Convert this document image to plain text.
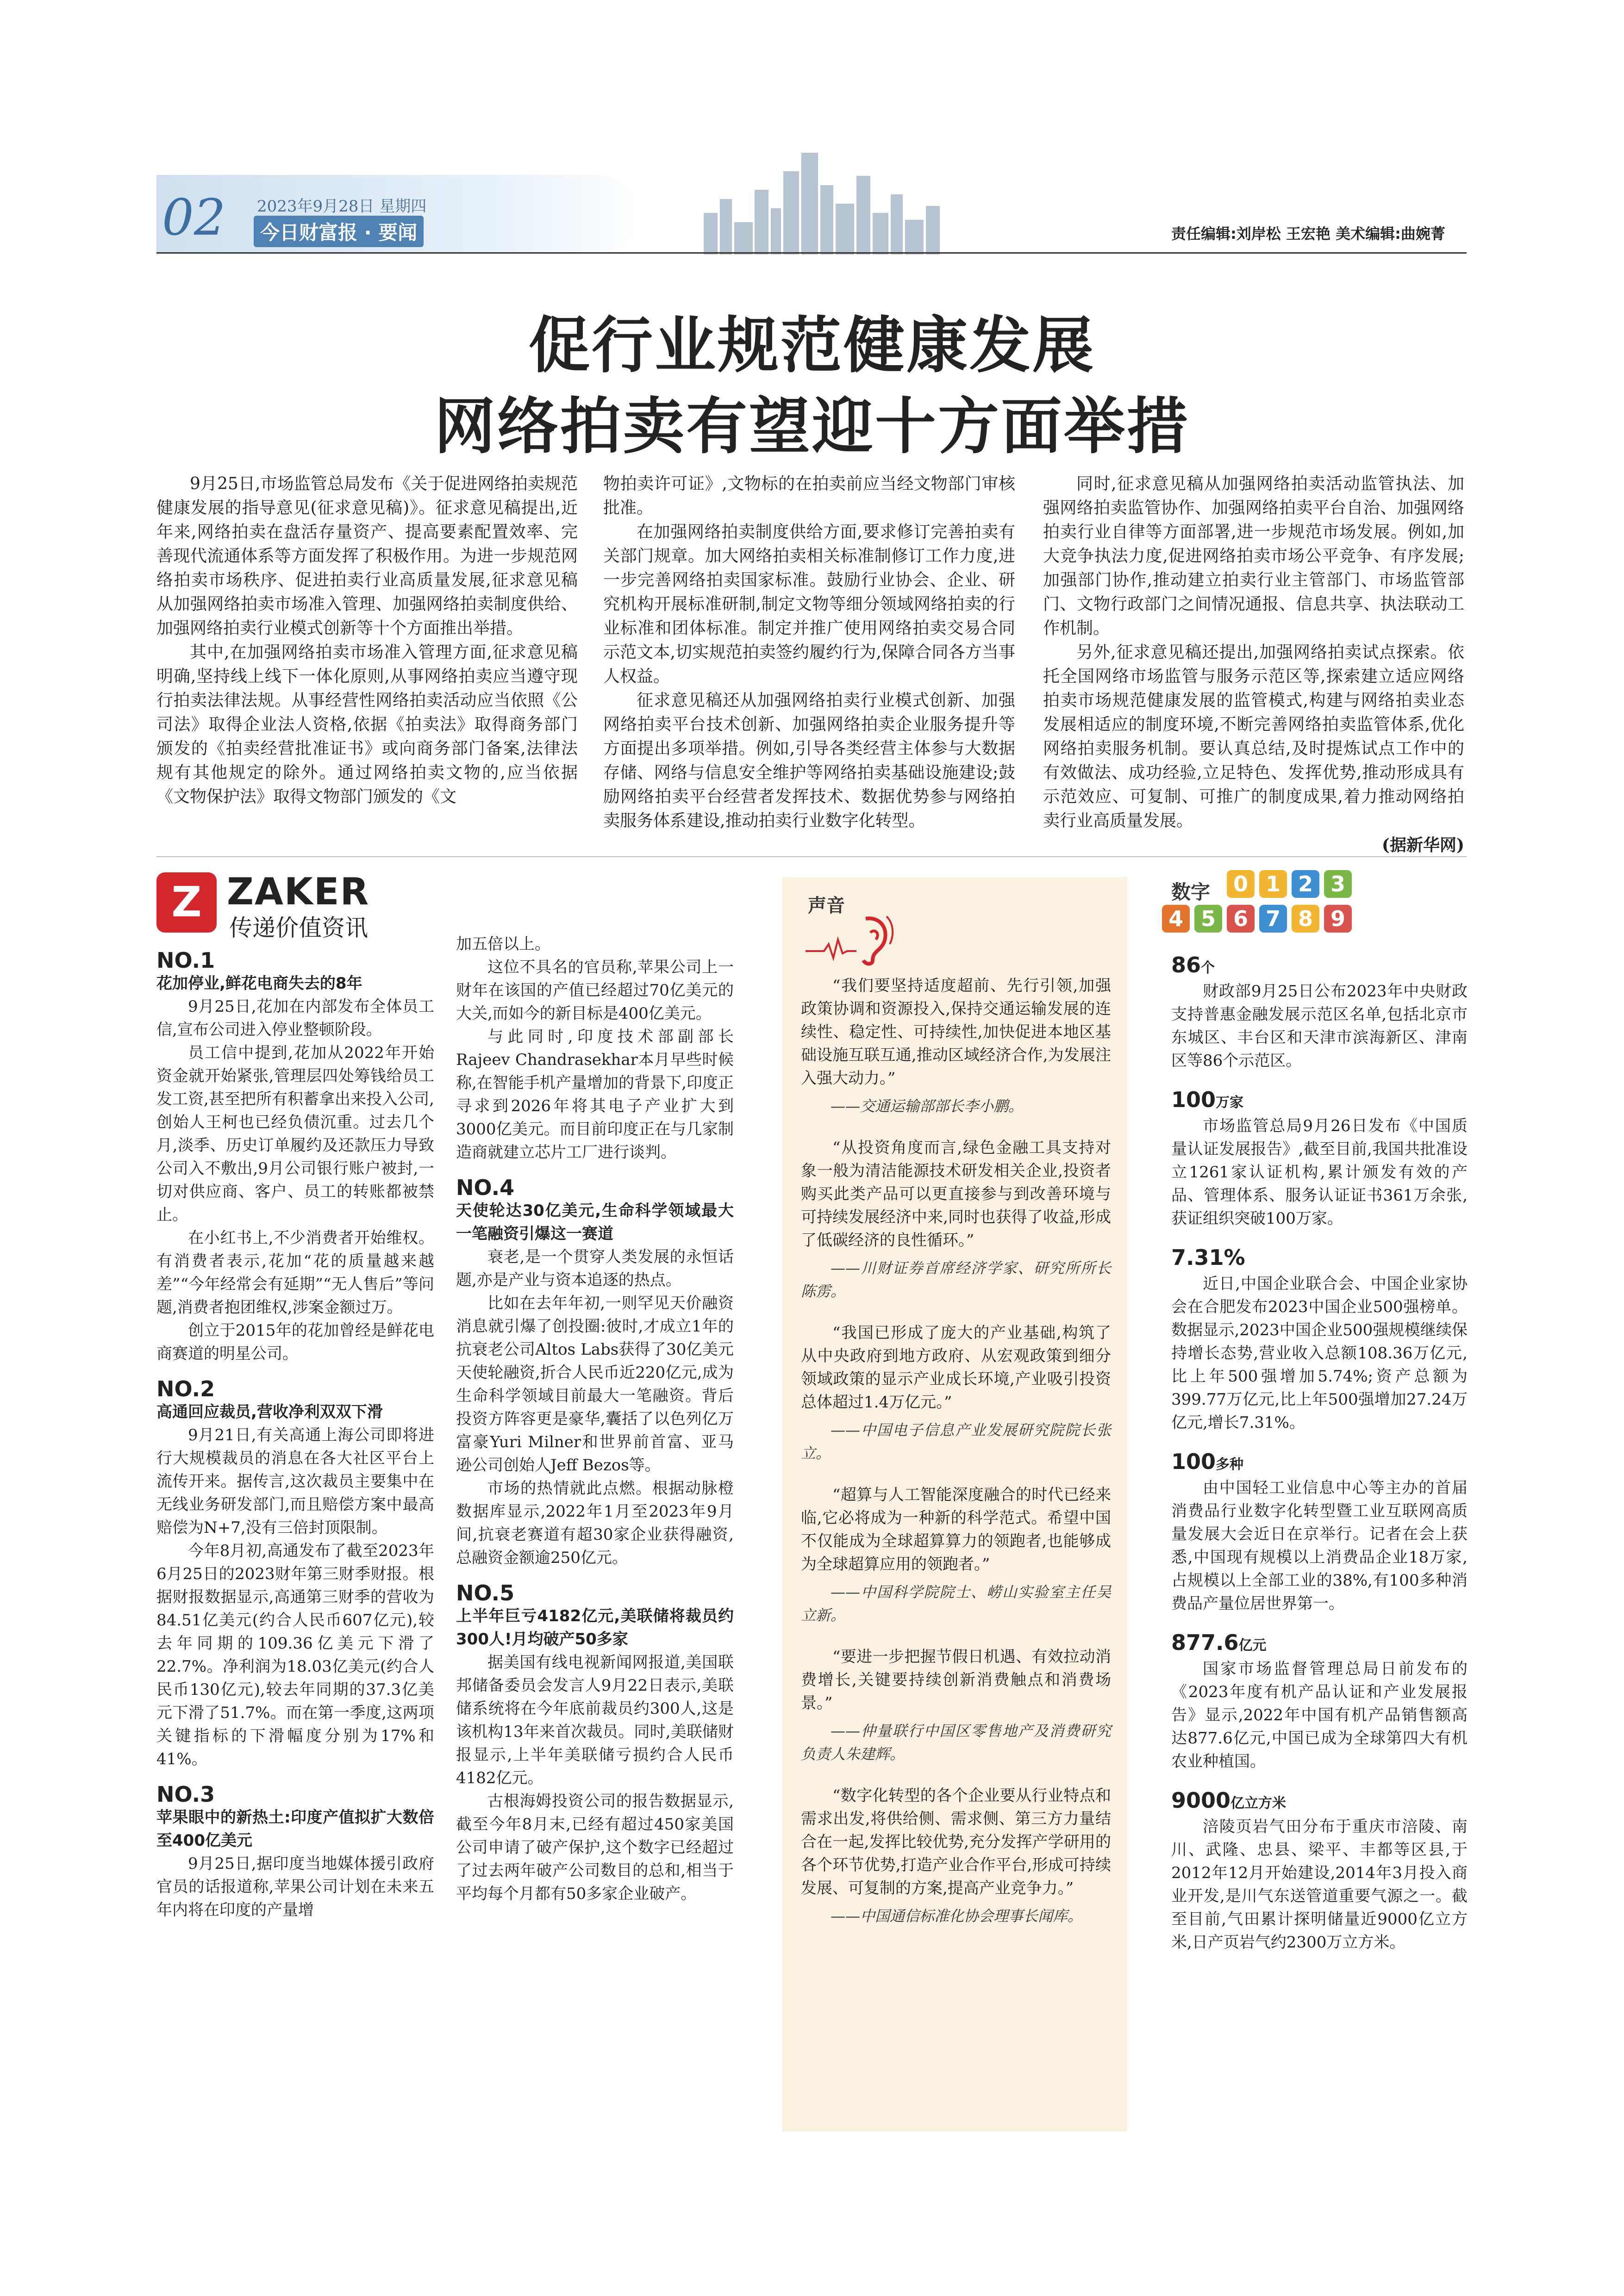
02 2023年9月28日 星期四
今日财富报 · 要闻	责任编辑:刘岸松 王宏艳 美术编辑:曲婉菁
促行业规范健康发展
网络拍卖有望迎十方面举措

9月25日,市场监管总局发布《关于促进网络拍卖规范健康发展的指导意见(征求意见稿)》。征求意见稿提出,近年来,网络拍卖在盘活存量资产、提高要素配置效率、完善现代流通体系等方面发挥了积极作用。为进一步规范网络拍卖市场秩序、促进拍卖行业高质量发展,征求意见稿从加强网络拍卖市场准入管理、加强网络拍卖制度供给、加强网络拍卖行业模式创新等十个方面推出举措。

其中,在加强网络拍卖市场准入管理方面,征求意见稿明确,坚持线上线下一体化原则,从事网络拍卖应当遵守现行拍卖法律法规。从事经营性网络拍卖活动应当依照《公司法》取得企业法人资格,依据《拍卖法》取得商务部门颁发的《拍卖经营批准证书》或向商务部门备案,法律法规有其他规定的除外。通过网络拍卖文物的,应当依据《文物保护法》取得文物部门颁发的《文

物拍卖许可证》,文物标的在拍卖前应当经文物部门审核批准。

在加强网络拍卖制度供给方面,要求修订完善拍卖有关部门规章。加大网络拍卖相关标准制修订工作力度,进一步完善网络拍卖国家标准。鼓励行业协会、企业、研究机构开展标准研制,制定文物等细分领域网络拍卖的行业标准和团体标准。制定并推广使用网络拍卖交易合同示范文本,切实规范拍卖签约履约行为,保障合同各方当事人权益。

征求意见稿还从加强网络拍卖行业模式创新、加强网络拍卖平台技术创新、加强网络拍卖企业服务提升等方面提出多项举措。例如,引导各类经营主体参与大数据存储、网络与信息安全维护等网络拍卖基础设施建设;鼓励网络拍卖平台经营者发挥技术、数据优势参与网络拍卖服务体系建设,推动拍卖行业数字化转型。

同时,征求意见稿从加强网络拍卖活动监管执法、加强网络拍卖监管协作、加强网络拍卖平台自治、加强网络拍卖行业自律等方面部署,进一步规范市场发展。例如,加大竞争执法力度,促进网络拍卖市场公平竞争、有序发展;加强部门协作,推动建立拍卖行业主管部门、市场监管部门、文物行政部门之间情况通报、信息共享、执法联动工作机制。

另外,征求意见稿还提出,加强网络拍卖试点探索。依托全国网络市场监管与服务示范区等,探索建立适应网络拍卖市场规范健康发展的监管模式,构建与网络拍卖业态发展相适应的制度环境,不断完善网络拍卖监管体系,优化网络拍卖服务机制。要认真总结,及时提炼试点工作中的有效做法、成功经验,立足特色、发挥优势,推动形成具有示范效应、可复制、可推广的制度成果,着力推动网络拍卖行业高质量发展。

(据新华网)
Z ZAKER
传递价值资讯
NO.1
花加停业,鲜花电商失去的8年

9月25日,花加在内部发布全体员工信,宣布公司进入停业整顿阶段。

员工信中提到,花加从2022年开始资金就开始紧张,管理层四处筹钱给员工发工资,甚至把所有积蓄拿出来投入公司,创始人王柯也已经负债沉重。过去几个月,淡季、历史订单履约及还款压力导致公司入不敷出,9月公司银行账户被封,一切对供应商、客户、员工的转账都被禁止。

在小红书上,不少消费者开始维权。有消费者表示,花加“花的质量越来越差”“今年经常会有延期”“无人售后”等问题,消费者抱团维权,涉案金额过万。

创立于2015年的花加曾经是鲜花电商赛道的明星公司。

NO.2
高通回应裁员,营收净利双双下滑

9月21日,有关高通上海公司即将进行大规模裁员的消息在各大社区平台上流传开来。据传言,这次裁员主要集中在无线业务研发部门,而且赔偿方案中最高赔偿为N+7,没有三倍封顶限制。

今年8月初,高通发布了截至2023年6月25日的2023财年第三财季财报。根据财报数据显示,高通第三财季的营收为84.51亿美元(约合人民币607亿元),较去年同期的109.36亿美元下滑了22.7%。净利润为18.03亿美元(约合人民币130亿元),较去年同期的37.3亿美元下滑了51.7%。而在第一季度,这两项关键指标的下滑幅度分别为17%和41%。

NO.3
苹果眼中的新热土:印度产值拟扩大数倍至400亿美元

9月25日,据印度当地媒体援引政府官员的话报道称,苹果公司计划在未来五年内将在印度的产量增

加五倍以上。

这位不具名的官员称,苹果公司上一财年在该国的产值已经超过70亿美元的大关,而如今的新目标是400亿美元。

与此同时,印度技术部副部长Rajeev Chandrasekhar本月早些时候称,在智能手机产量增加的背景下,印度正寻求到2026年将其电子产业扩大到3000亿美元。而目前印度正在与几家制造商就建立芯片工厂进行谈判。

NO.4
天使轮达30亿美元,生命科学领域最大一笔融资引爆这一赛道

衰老,是一个贯穿人类发展的永恒话题,亦是产业与资本追逐的热点。

比如在去年年初,一则罕见天价融资消息就引爆了创投圈:彼时,才成立1年的抗衰老公司Altos Labs获得了30亿美元天使轮融资,折合人民币近220亿元,成为生命科学领域目前最大一笔融资。背后投资方阵容更是豪华,囊括了以色列亿万富豪Yuri Milner和世界前首富、亚马逊公司创始人Jeff Bezos等。

市场的热情就此点燃。根据动脉橙数据库显示,2022年1月至2023年9月间,抗衰老赛道有超30家企业获得融资,总融资金额逾250亿元。

NO.5
上半年巨亏4182亿元,美联储将裁员约300人!月均破产50多家

据美国有线电视新闻网报道,美国联邦储备委员会发言人9月22日表示,美联储系统将在今年底前裁员约300人,这是该机构13年来首次裁员。同时,美联储财报显示,上半年美联储亏损约合人民币4182亿元。

古根海姆投资公司的报告数据显示,截至今年8月末,已经有超过450家美国公司申请了破产保护,这个数字已经超过了过去两年破产公司数目的总和,相当于平均每个月都有50多家企业破产。

声音

“我们要坚持适度超前、先行引领,加强政策协调和资源投入,保持交通运输发展的连续性、稳定性、可持续性,加快促进本地区基础设施互联互通,推动区域经济合作,为发展注入强大动力。”

——交通运输部部长李小鹏。

“从投资角度而言,绿色金融工具支持对象一般为清洁能源技术研发相关企业,投资者购买此类产品可以更直接参与到改善环境与可持续发展经济中来,同时也获得了收益,形成了低碳经济的良性循环。”

——川财证券首席经济学家、研究所所长陈雳。

“我国已形成了庞大的产业基础,构筑了从中央政府到地方政府、从宏观政策到细分领域政策的显示产业成长环境,产业吸引投资总体超过1.4万亿元。”

——中国电子信息产业发展研究院院长张立。

“超算与人工智能深度融合的时代已经来临,它必将成为一种新的科学范式。希望中国不仅能成为全球超算算力的领跑者,也能够成为全球超算应用的领跑者。”

——中国科学院院士、崂山实验室主任吴立新。

“要进一步把握节假日机遇、有效拉动消费增长,关键要持续创新消费触点和消费场景。”

——仲量联行中国区零售地产及消费研究负责人朱建辉。

“数字化转型的各个企业要从行业特点和需求出发,将供给侧、需求侧、第三方力量结合在一起,发挥比较优势,充分发挥产学研用的各个环节优势,打造产业合作平台,形成可持续发展、可复制的方案,提高产业竞争力。”

——中国通信标准化协会理事长闻库。

数字	0 1 2 3
4 5 6 7 8 9
86个

财政部9月25日公布2023年中央财政支持普惠金融发展示范区名单,包括北京市东城区、丰台区和天津市滨海新区、津南区等86个示范区。

100万家

市场监管总局9月26日发布《中国质量认证发展报告》,截至目前,我国共批准设立1261家认证机构,累计颁发有效的产品、管理体系、服务认证证书361万余张,获证组织突破100万家。

7.31%

近日,中国企业联合会、中国企业家协会在合肥发布2023中国企业500强榜单。数据显示,2023中国企业500强规模继续保持增长态势,营业收入总额108.36万亿元,比上年500强增加5.74%;资产总额为399.77万亿元,比上年500强增加27.24万亿元,增长7.31%。

100多种

由中国轻工业信息中心等主办的首届消费品行业数字化转型暨工业互联网高质量发展大会近日在京举行。记者在会上获悉,中国现有规模以上消费品企业18万家,占规模以上全部工业的38%,有100多种消费品产量位居世界第一。

877.6亿元

国家市场监督管理总局日前发布的《2023年度有机产品认证和产业发展报告》显示,2022年中国有机产品销售额高达877.6亿元,中国已成为全球第四大有机农业种植国。

9000亿立方米

涪陵页岩气田分布于重庆市涪陵、南川、武隆、忠县、梁平、丰都等区县,于2012年12月开始建设,2014年3月投入商业开发,是川气东送管道重要气源之一。截至目前,气田累计探明储量近9000亿立方米,日产页岩气约2300万立方米。
